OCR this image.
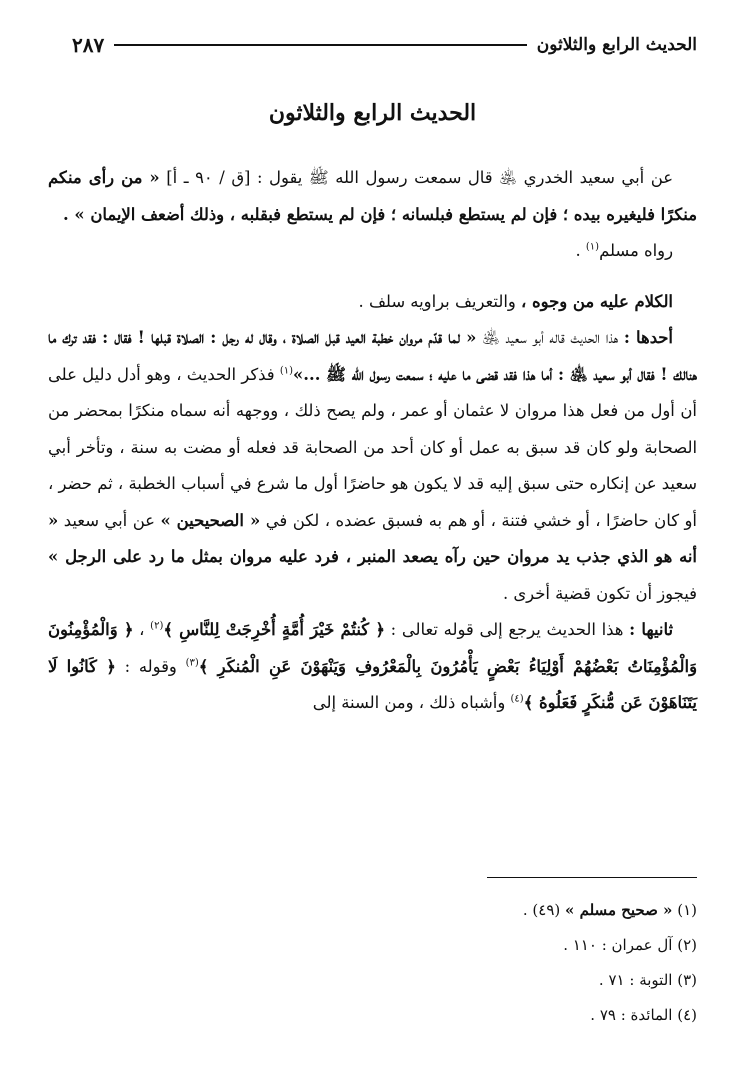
الحديث الرابع والثلاثون
٢٨٧
الحديث الرابع والثلاثون

عن أبي سعيد الخدري ﵁ قال سمعت رسول الله ﷺ يقول : [ق / ٩٠ ـ أ] « من رأى منكم منكرًا فليغيره بيده ؛ فإن لم يستطع فبلسانه ؛ فإن لم يستطع فبقلبه ، وذلك أضعف الإيمان » .

رواه مسلم$^{(١)}$ .

الكلام عليه من وجوه ، والتعريف براويه سلف .

أحدها : هذا الحديث قاله أبو سعيد ﵁ « لما قدّم مروان خطبة العيد قبل الصلاة ، وقال له رجل : الصلاة قبلها ! فقال : فقد ترك ما هنالك ! فقال أبو سعيد ﵁ : أما هذا فقد قضى ما عليه ؛ سمعت رسول الله ﷺ ...»$^{(١)}$ فذكر الحديث ، وهو أدل دليل على أن أول من فعل هذا مروان لا عثمان أو عمر ، ولم يصح ذلك ، ووجهه أنه سماه منكرًا بمحضر من الصحابة ولو كان قد سبق به عمل أو كان أحد من الصحابة قد فعله أو مضت به سنة ، وتأخر أبي سعيد عن إنكاره حتى سبق إليه قد لا يكون هو حاضرًا أول ما شرع في أسباب الخطبة ، ثم حضر ، أو كان حاضرًا ، أو خشي فتنة ، أو هم به فسبق عضده ، لكن في « الصحيحين » عن أبي سعيد « أنه هو الذي جذب يد مروان حين رآه يصعد المنبر ، فرد عليه مروان بمثل ما رد على الرجل » فيجوز أن تكون قضية أخرى .

ثانيها : هذا الحديث يرجع إلى قوله تعالى : ﴿ كُنتُمْ خَيْرَ أُمَّةٍ أُخْرِجَتْ لِلنَّاسِ ﴾$^{(٢)}$ ، ﴿ وَالْمُؤْمِنُونَ وَالْمُؤْمِنَاتُ بَعْضُهُمْ أَوْلِيَاءُ بَعْضٍ يَأْمُرُونَ بِالْمَعْرُوفِ وَيَنْهَوْنَ عَنِ الْمُنكَرِ ﴾$^{(٣)}$ وقوله : ﴿ كَانُوا لَا يَتَنَاهَوْنَ عَن مُّنكَرٍ فَعَلُوهُ ﴾$^{(٤)}$ وأشباه ذلك ، ومن السنة إلى

(١) « صحيح مسلم » (٤٩) .
(٢) آل عمران : ١١٠ .
(٣) التوبة : ٧١ .
(٤) المائدة : ٧٩ .
